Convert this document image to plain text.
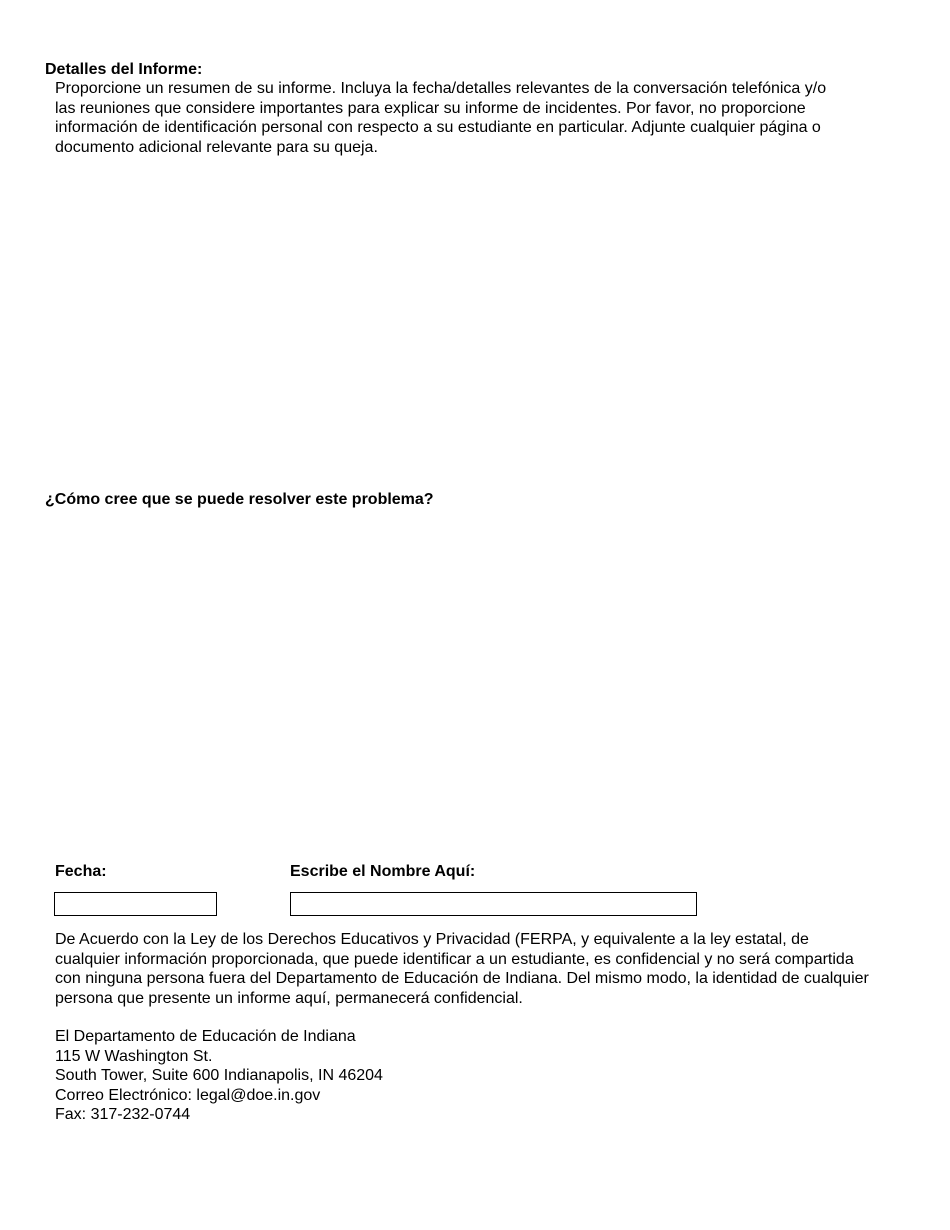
Detalles del Informe:
Proporcione un resumen de su informe. Incluya la fecha/detalles relevantes de la conversación telefónica y/o
las reuniones que considere importantes para explicar su informe de incidentes. Por favor, no proporcione
información de identificación personal con respecto a su estudiante en particular. Adjunte cualquier página o
documento adicional relevante para su queja.
¿Cómo cree que se puede resolver este problema?
Fecha:	Escribe el Nombre Aquí:
De Acuerdo con la Ley de los Derechos Educativos y Privacidad (FERPA, y equivalente a la ley estatal, de
cualquier información proporcionada, que puede identificar a un estudiante, es confidencial y no será compartida
con ninguna persona fuera del Departamento de Educación de Indiana. Del mismo modo, la identidad de cualquier
persona que presente un informe aquí, permanecerá confidencial.
El Departamento de Educación de Indiana
115 W Washington St.
South Tower, Suite 600 Indianapolis, IN 46204
Correo Electrónico: legal@doe.in.gov
Fax: 317-232-0744
